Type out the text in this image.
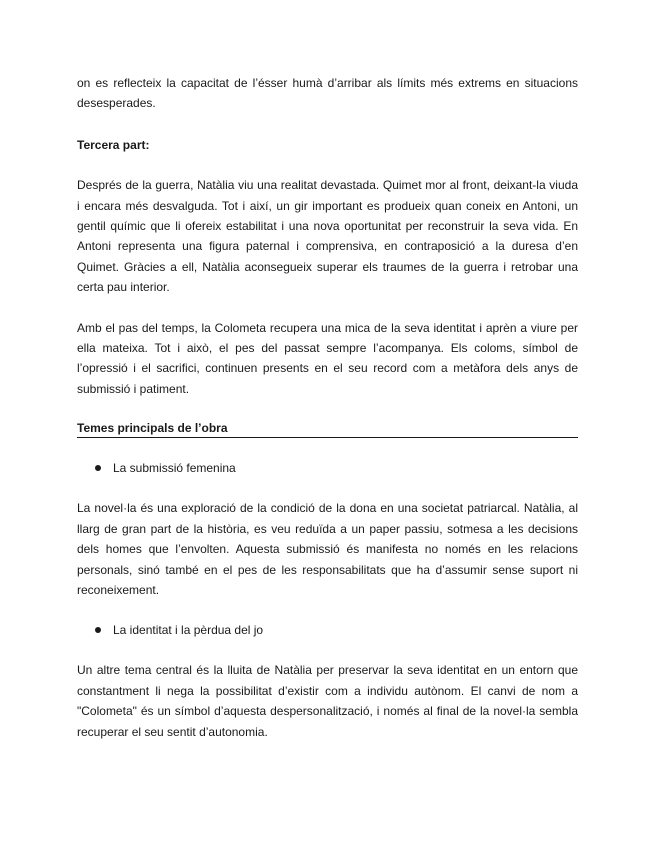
on es reflecteix la capacitat de l’ésser humà d’arribar als límits més extrems en situacions desesperades.

Tercera part:

Després de la guerra, Natàlia viu una realitat devastada. Quimet mor al front, deixant-la viuda i encara més desvalguda. Tot i així, un gir important es produeix quan coneix en Antoni, un gentil químic que li ofereix estabilitat i una nova oportunitat per reconstruir la seva vida. En Antoni representa una figura paternal i comprensiva, en contraposició a la duresa d’en Quimet. Gràcies a ell, Natàlia aconsegueix superar els traumes de la guerra i retrobar una certa pau interior.

Amb el pas del temps, la Colometa recupera una mica de la seva identitat i aprèn a viure per ella mateixa. Tot i això, el pes del passat sempre l’acompanya. Els coloms, símbol de l’opressió i el sacrifici, continuen presents en el seu record com a metàfora dels anys de submissió i patiment.

Temes principals de l’obra
La submissió femenina

La novel·la és una exploració de la condició de la dona en una societat patriarcal. Natàlia, al llarg de gran part de la història, es veu reduïda a un paper passiu, sotmesa a les decisions dels homes que l’envolten. Aquesta submissió és manifesta no només en les relacions personals, sinó també en el pes de les responsabilitats que ha d’assumir sense suport ni reconeixement.

La identitat i la pèrdua del jo

Un altre tema central és la lluita de Natàlia per preservar la seva identitat en un entorn que constantment li nega la possibilitat d’existir com a individu autònom. El canvi de nom a "Colometa" és un símbol d’aquesta despersonalització, i només al final de la novel·la sembla recuperar el seu sentit d’autonomia.
